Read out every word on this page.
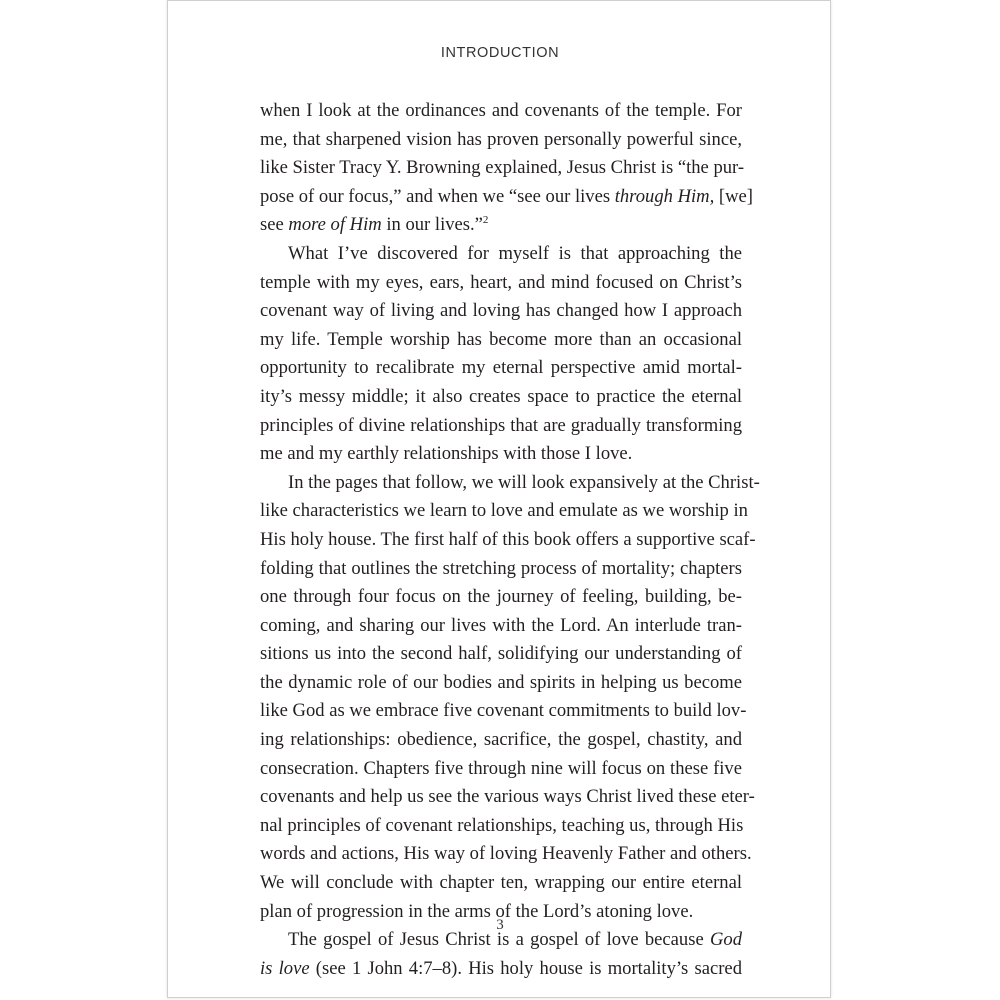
INTRODUCTION
when I look at the ordinances and covenants of the temple. For
me, that sharpened vision has proven personally powerful since,
like Sister Tracy Y. Browning explained, Jesus Christ is “the pur-
pose of our focus,” and when we “see our lives through Him, [we]
see more of Him in our lives.”$^2$
What I’ve discovered for myself is that approaching the
temple with my eyes, ears, heart, and mind focused on Christ’s
covenant way of living and loving has changed how I approach
my life. Temple worship has become more than an occasional
opportunity to recalibrate my eternal perspective amid mortal-
ity’s messy middle; it also creates space to practice the eternal
principles of divine relationships that are gradually transforming
me and my earthly relationships with those I love.
In the pages that follow, we will look expansively at the Christ-
like characteristics we learn to love and emulate as we worship in
His holy house. The first half of this book offers a supportive scaf-
folding that outlines the stretching process of mortality; chapters
one through four focus on the journey of feeling, building, be-
coming, and sharing our lives with the Lord. An interlude tran-
sitions us into the second half, solidifying our understanding of
the dynamic role of our bodies and spirits in helping us become
like God as we embrace five covenant commitments to build lov-
ing relationships: obedience, sacrifice, the gospel, chastity, and
consecration. Chapters five through nine will focus on these five
covenants and help us see the various ways Christ lived these eter-
nal principles of covenant relationships, teaching us, through His
words and actions, His way of loving Heavenly Father and others.
We will conclude with chapter ten, wrapping our entire eternal
plan of progression in the arms of the Lord’s atoning love.
The gospel of Jesus Christ is a gospel of love because God
is love (see 1 John 4:7–8). His holy house is mortality’s sacred
3
